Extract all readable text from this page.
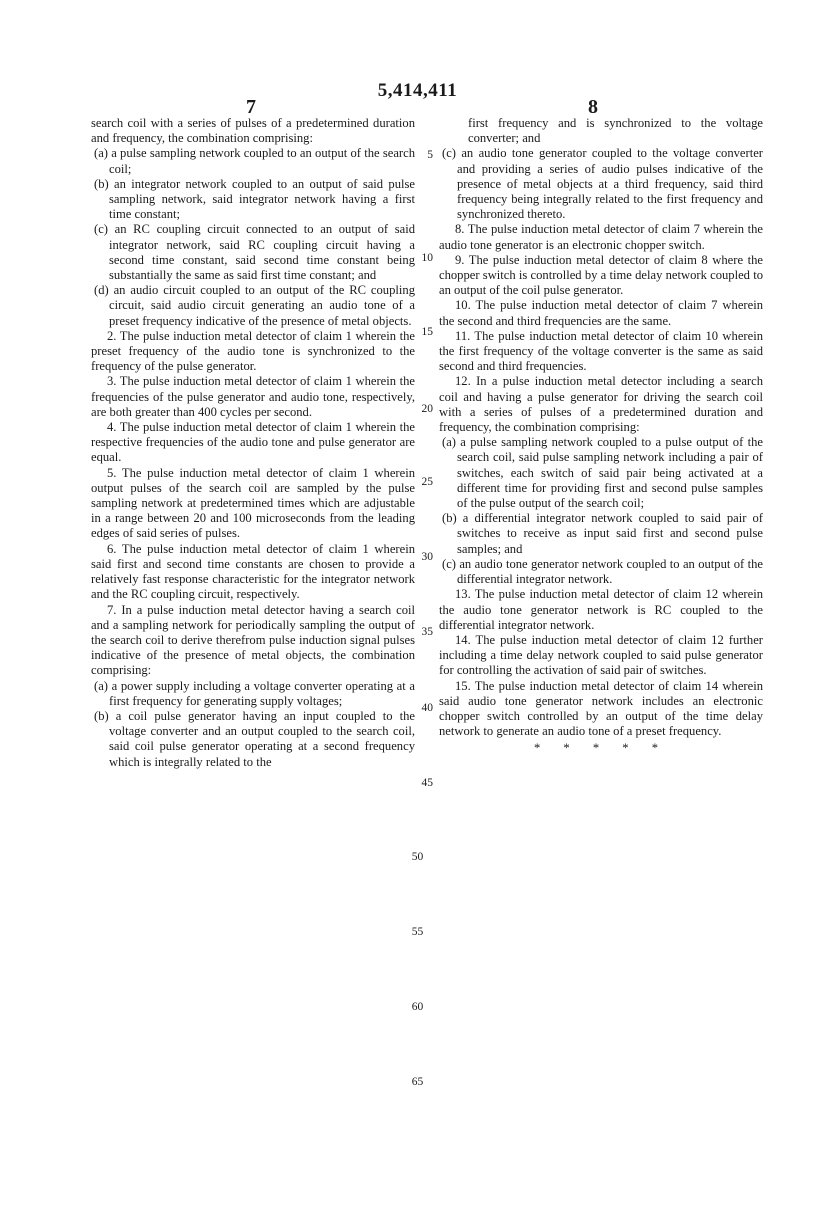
5,414,411
7	8

search coil with a series of pulses of a predetermined duration and frequency, the combination comprising:

(a) a pulse sampling network coupled to an output of the search coil;

(b) an integrator network coupled to an output of said pulse sampling network, said integrator network having a first time constant;

(c) an RC coupling circuit connected to an output of said integrator network, said RC coupling circuit having a second time constant, said second time constant being substantially the same as said first time constant; and

(d) an audio circuit coupled to an output of the RC coupling circuit, said audio circuit generating an audio tone of a preset frequency indicative of the presence of metal objects.

2. The pulse induction metal detector of claim 1 wherein the preset frequency of the audio tone is synchronized to the frequency of the pulse generator.

3. The pulse induction metal detector of claim 1 wherein the frequencies of the pulse generator and audio tone, respectively, are both greater than 400 cycles per second.

4. The pulse induction metal detector of claim 1 wherein the respective frequencies of the audio tone and pulse generator are equal.

5. The pulse induction metal detector of claim 1 wherein output pulses of the search coil are sampled by the pulse sampling network at predetermined times which are adjustable in a range between 20 and 100 microseconds from the leading edges of said series of pulses.

6. The pulse induction metal detector of claim 1 wherein said first and second time constants are chosen to provide a relatively fast response characteristic for the integrator network and the RC coupling circuit, respectively.

7. In a pulse induction metal detector having a search coil and a sampling network for periodically sampling the output of the search coil to derive therefrom pulse induction signal pulses indicative of the presence of metal objects, the combination comprising:

(a) a power supply including a voltage converter operating at a first frequency for generating supply voltages;

(b) a coil pulse generator having an input coupled to the voltage converter and an output coupled to the search coil, said coil pulse generator operating at a second frequency which is integrally related to the

first frequency and is synchronized to the voltage converter; and

(c) an audio tone generator coupled to the voltage converter and providing a series of audio pulses indicative of the presence of metal objects at a third frequency, said third frequency being integrally related to the first frequency and synchronized thereto.

8. The pulse induction metal detector of claim 7 wherein the audio tone generator is an electronic chopper switch.

9. The pulse induction metal detector of claim 8 where the chopper switch is controlled by a time delay network coupled to an output of the coil pulse generator.

10. The pulse induction metal detector of claim 7 wherein the second and third frequencies are the same.

11. The pulse induction metal detector of claim 10 wherein the first frequency of the voltage converter is the same as said second and third frequencies.

12. In a pulse induction metal detector including a search coil and having a pulse generator for driving the search coil with a series of pulses of a predetermined duration and frequency, the combination comprising:

(a) a pulse sampling network coupled to a pulse output of the search coil, said pulse sampling network including a pair of switches, each switch of said pair being activated at a different time for providing first and second pulse samples of the pulse output of the search coil;

(b) a differential integrator network coupled to said pair of switches to receive as input said first and second pulse samples; and

(c) an audio tone generator network coupled to an output of the differential integrator network.

13. The pulse induction metal detector of claim 12 wherein the audio tone generator network is RC coupled to the differential integrator network.

14. The pulse induction metal detector of claim 12 further including a time delay network coupled to said pulse generator for controlling the activation of said pair of switches.

15. The pulse induction metal detector of claim 14 wherein said audio tone generator network includes an electronic chopper switch controlled by an output of the time delay network to generate an audio tone of a preset frequency.

* * * * *
5
10
15
20
25
30
35
40
45
50
55
60
65
